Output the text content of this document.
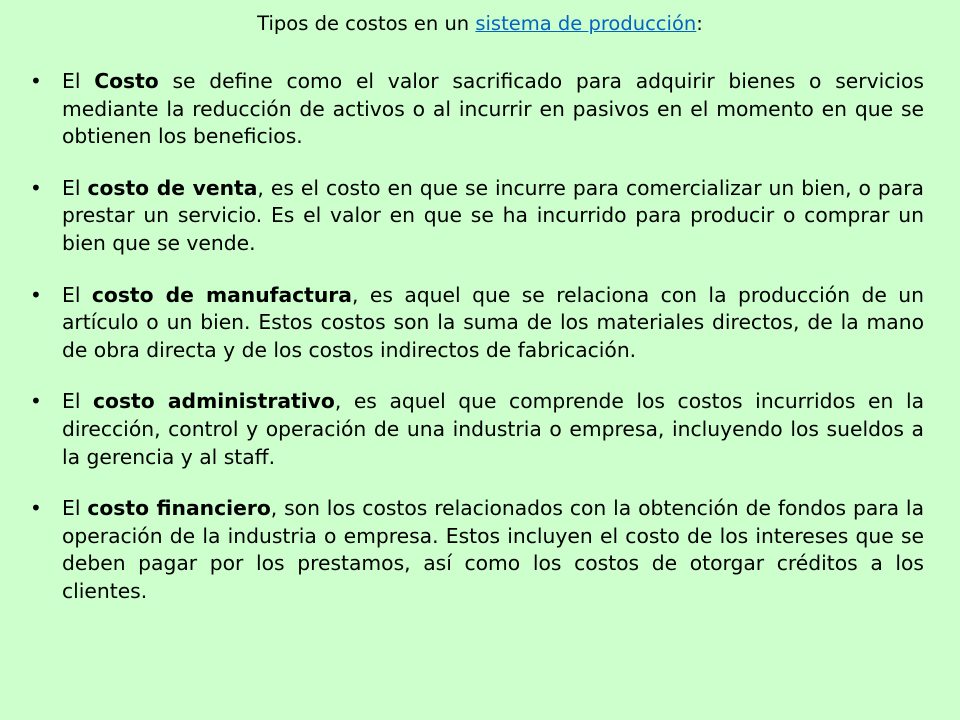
Tipos de costos en un sistema de producción:
• El Costo se define como el valor sacrificado para adquirir bienes o servicios mediante la reducción de activos o al incurrir en pasivos en el momento en que se obtienen los beneficios.
• El costo de venta, es el costo en que se incurre para comercializar un bien, o para prestar un servicio. Es el valor en que se ha incurrido para producir o comprar un bien que se vende.
• El costo de manufactura, es aquel que se relaciona con la producción de un artículo o un bien. Estos costos son la suma de los materiales directos, de la mano de obra directa y de los costos indirectos de fabricación.
• El costo administrativo, es aquel que comprende los costos incurridos en la dirección, control y operación de una industria o empresa, incluyendo los sueldos a la gerencia y al staff.
• El costo financiero, son los costos relacionados con la obtención de fondos para la operación de la industria o empresa. Estos incluyen el costo de los intereses que se deben pagar por los prestamos, así como los costos de otorgar créditos a los clientes.
